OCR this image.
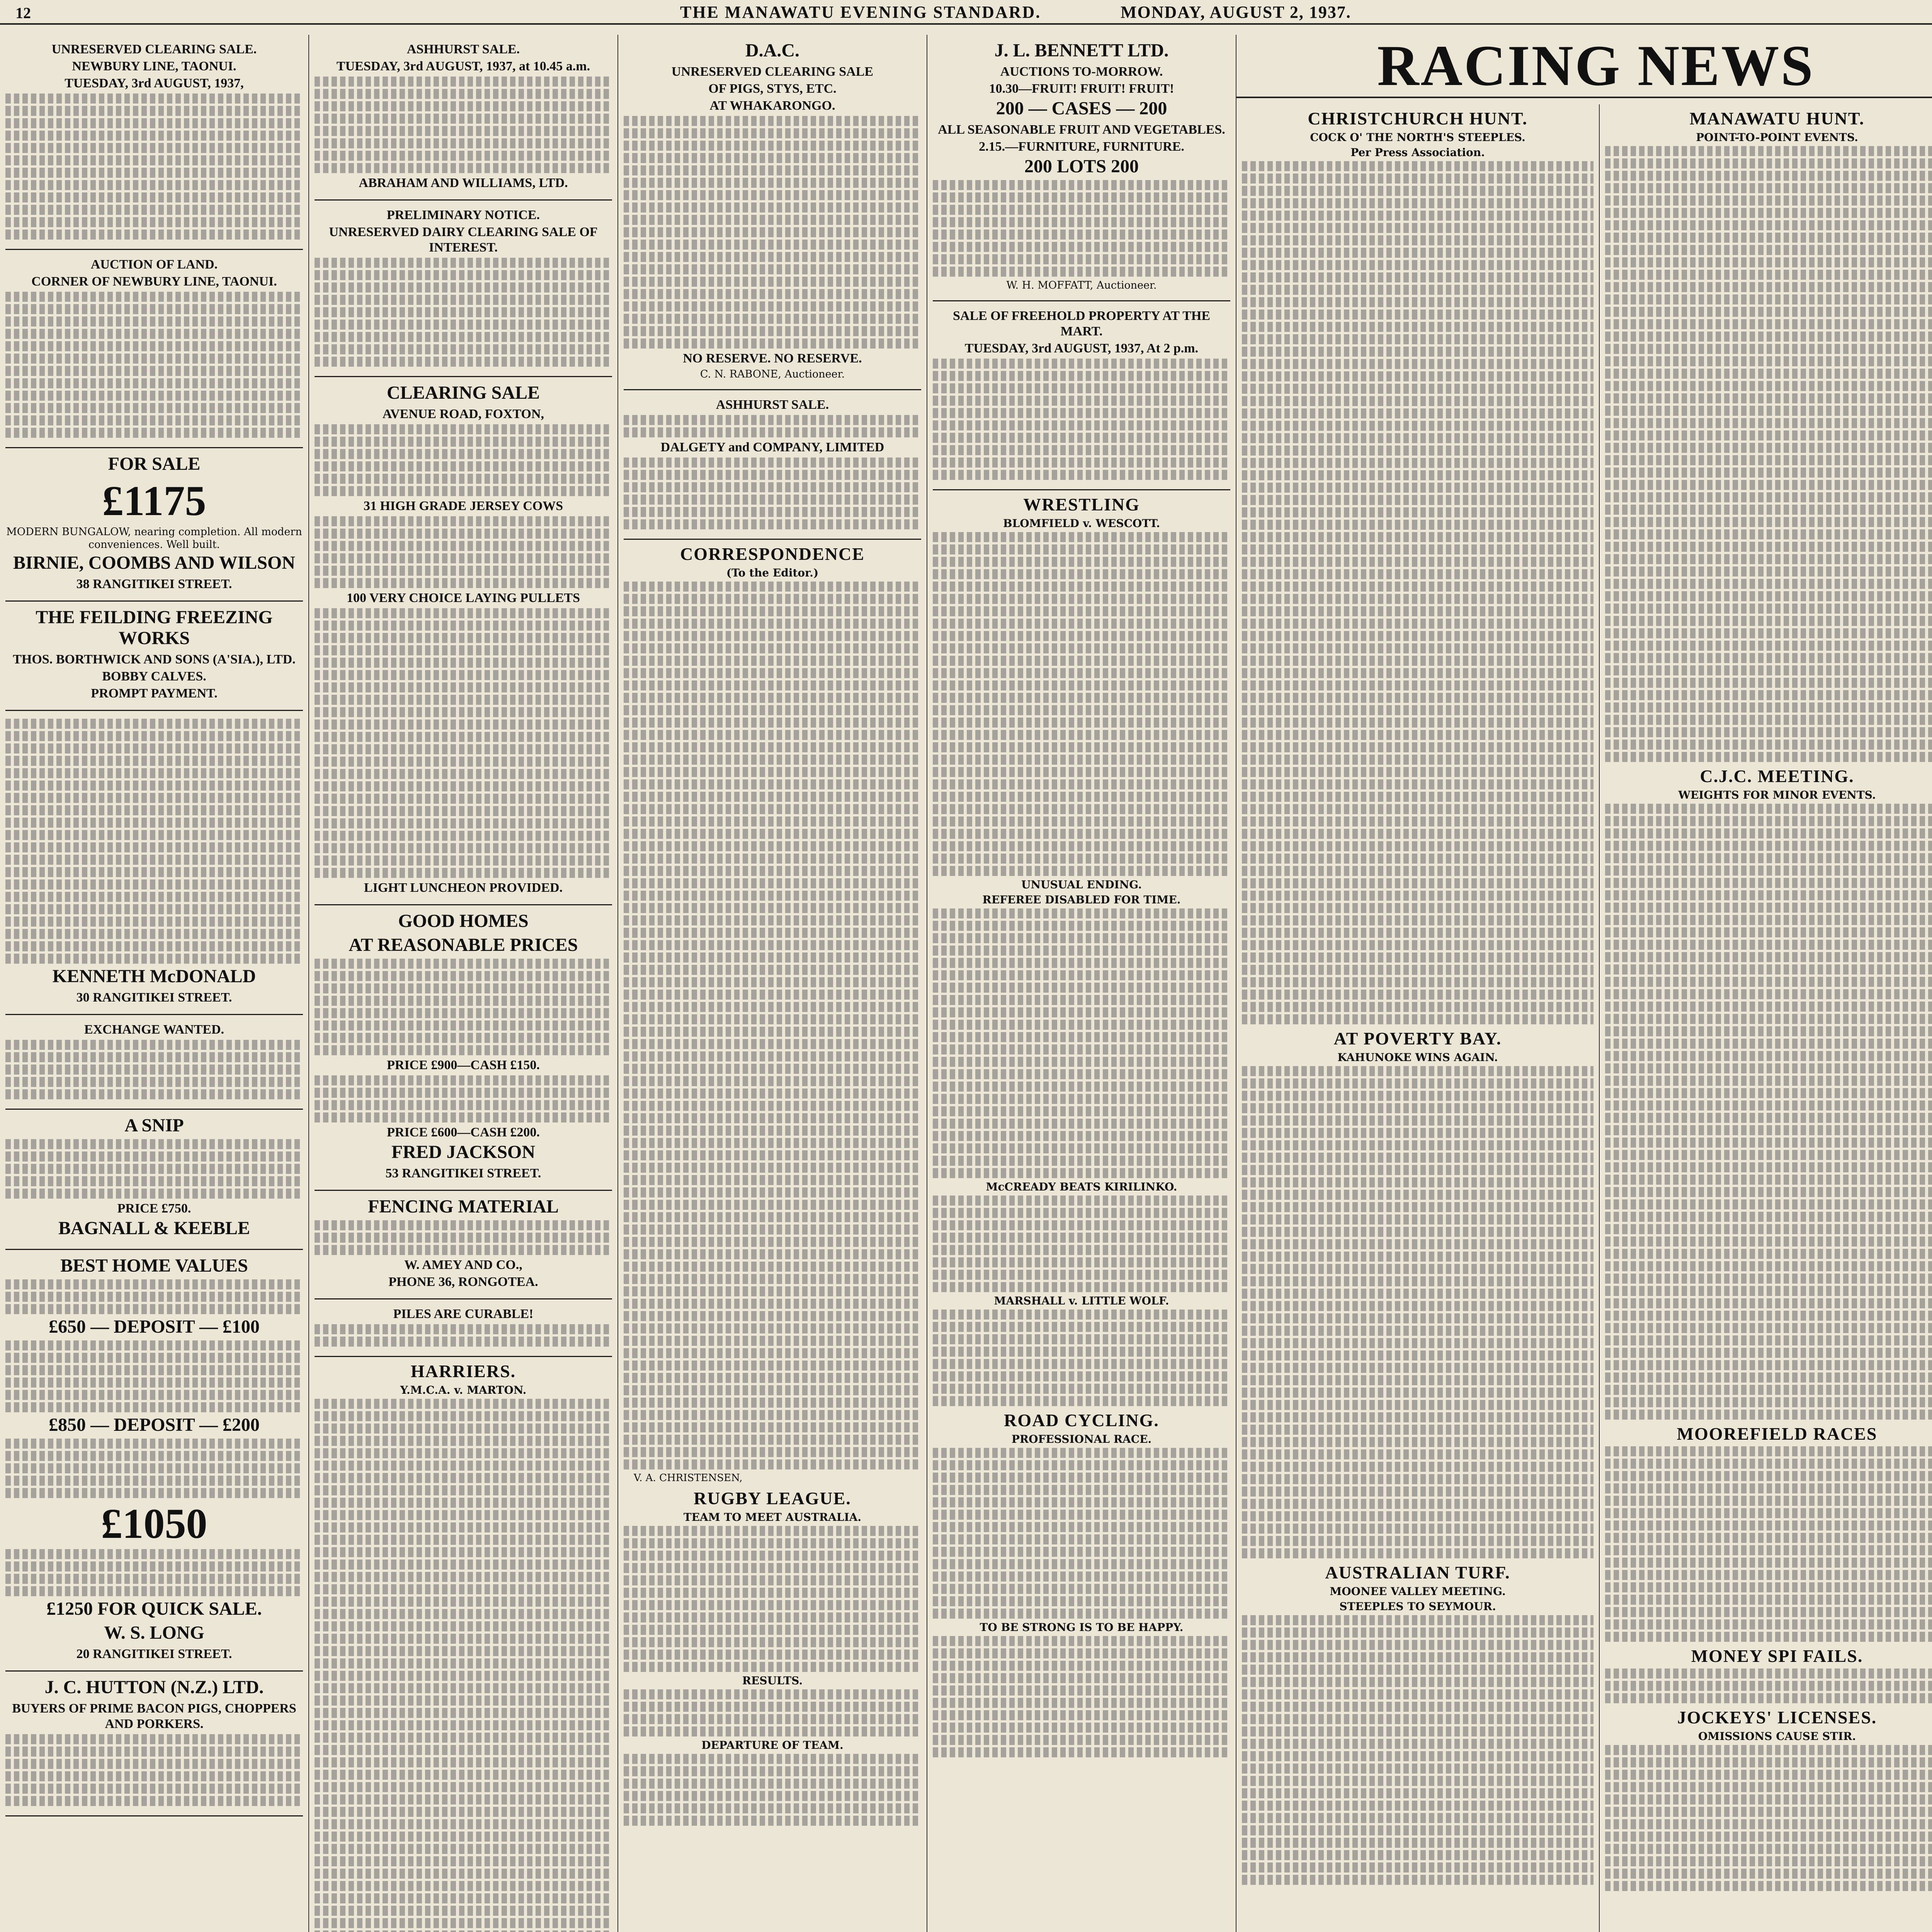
12	THE MANAWATU EVENING STANDARD.	MONDAY, AUGUST 2, 1937.
UNRESERVED CLEARING SALE.
NEWBURY LINE, TAONUI.
TUESDAY, 3rd AUGUST, 1937,
AUCTION OF LAND.
CORNER OF NEWBURY LINE, TAONUI.
FOR SALE
£1175

MODERN BUNGALOW, nearing completion. All modern conveniences. Well built.

BIRNIE, COOMBS AND WILSON
38 RANGITIKEI STREET.
THE FEILDING FREEZING WORKS
THOS. BORTHWICK AND SONS (A'SIA.), LTD.
BOBBY CALVES.
PROMPT PAYMENT.
KENNETH McDONALD
30 RANGITIKEI STREET.
EXCHANGE WANTED.
A SNIP
PRICE £750.
BAGNALL & KEEBLE
BEST HOME VALUES
£650 — DEPOSIT — £100
£850 — DEPOSIT — £200
£1050
£1250 FOR QUICK SALE.
W. S. LONG
20 RANGITIKEI STREET.
J. C. HUTTON (N.Z.) LTD.
BUYERS OF PRIME BACON PIGS, CHOPPERS AND PORKERS.
ASHHURST SALE.
TUESDAY, 3rd AUGUST, 1937, at 10.45 a.m.
ABRAHAM AND WILLIAMS, LTD.
PRELIMINARY NOTICE.
UNRESERVED DAIRY CLEARING SALE OF INTEREST.
CLEARING SALE
AVENUE ROAD, FOXTON,
31 HIGH GRADE JERSEY COWS
100 VERY CHOICE LAYING PULLETS
LIGHT LUNCHEON PROVIDED.
GOOD HOMES
AT REASONABLE PRICES
PRICE £900—CASH £150.
PRICE £600—CASH £200.
FRED JACKSON
53 RANGITIKEI STREET.
FENCING MATERIAL
W. AMEY AND CO.,
PHONE 36, RONGOTEA.
PILES ARE CURABLE!
HARRIERS.
Y.M.C.A. v. MARTON.
D.A.C.
UNRESERVED CLEARING SALE
OF PIGS, STYS, ETC.
AT WHAKARONGO.
NO RESERVE. NO RESERVE.

C. N. RABONE, Auctioneer.

ASHHURST SALE.
DALGETY and COMPANY, LIMITED
CORRESPONDENCE
(To the Editor.)

V. A. CHRISTENSEN,

RUGBY LEAGUE.
TEAM TO MEET AUSTRALIA.
RESULTS.
DEPARTURE OF TEAM.
J. L. BENNETT LTD.
AUCTIONS TO-MORROW.
10.30—FRUIT! FRUIT! FRUIT!
200 — CASES — 200
ALL SEASONABLE FRUIT AND VEGETABLES.
2.15.—FURNITURE, FURNITURE.
200 LOTS 200

W. H. MOFFATT, Auctioneer.

SALE OF FREEHOLD PROPERTY AT THE MART.
TUESDAY, 3rd AUGUST, 1937, At 2 p.m.
WRESTLING
BLOMFIELD v. WESCOTT.
UNUSUAL ENDING.
REFEREE DISABLED FOR TIME.
McCREADY BEATS KIRILINKO.
MARSHALL v. LITTLE WOLF.
ROAD CYCLING.
PROFESSIONAL RACE.
TO BE STRONG IS TO BE HAPPY.
RACING NEWS
CHRISTCHURCH HUNT.
COCK O' THE NORTH'S STEEPLES.
Per Press Association.
AT POVERTY BAY.
KAHUNOKE WINS AGAIN.
AUSTRALIAN TURF.
MOONEE VALLEY MEETING.
STEEPLES TO SEYMOUR.
MANAWATU HUNT.
POINT-TO-POINT EVENTS.
C.J.C. MEETING.
WEIGHTS FOR MINOR EVENTS.
MOOREFIELD RACES
MONEY SPI FAILS.
JOCKEYS' LICENSES.
OMISSIONS CAUSE STIR.
